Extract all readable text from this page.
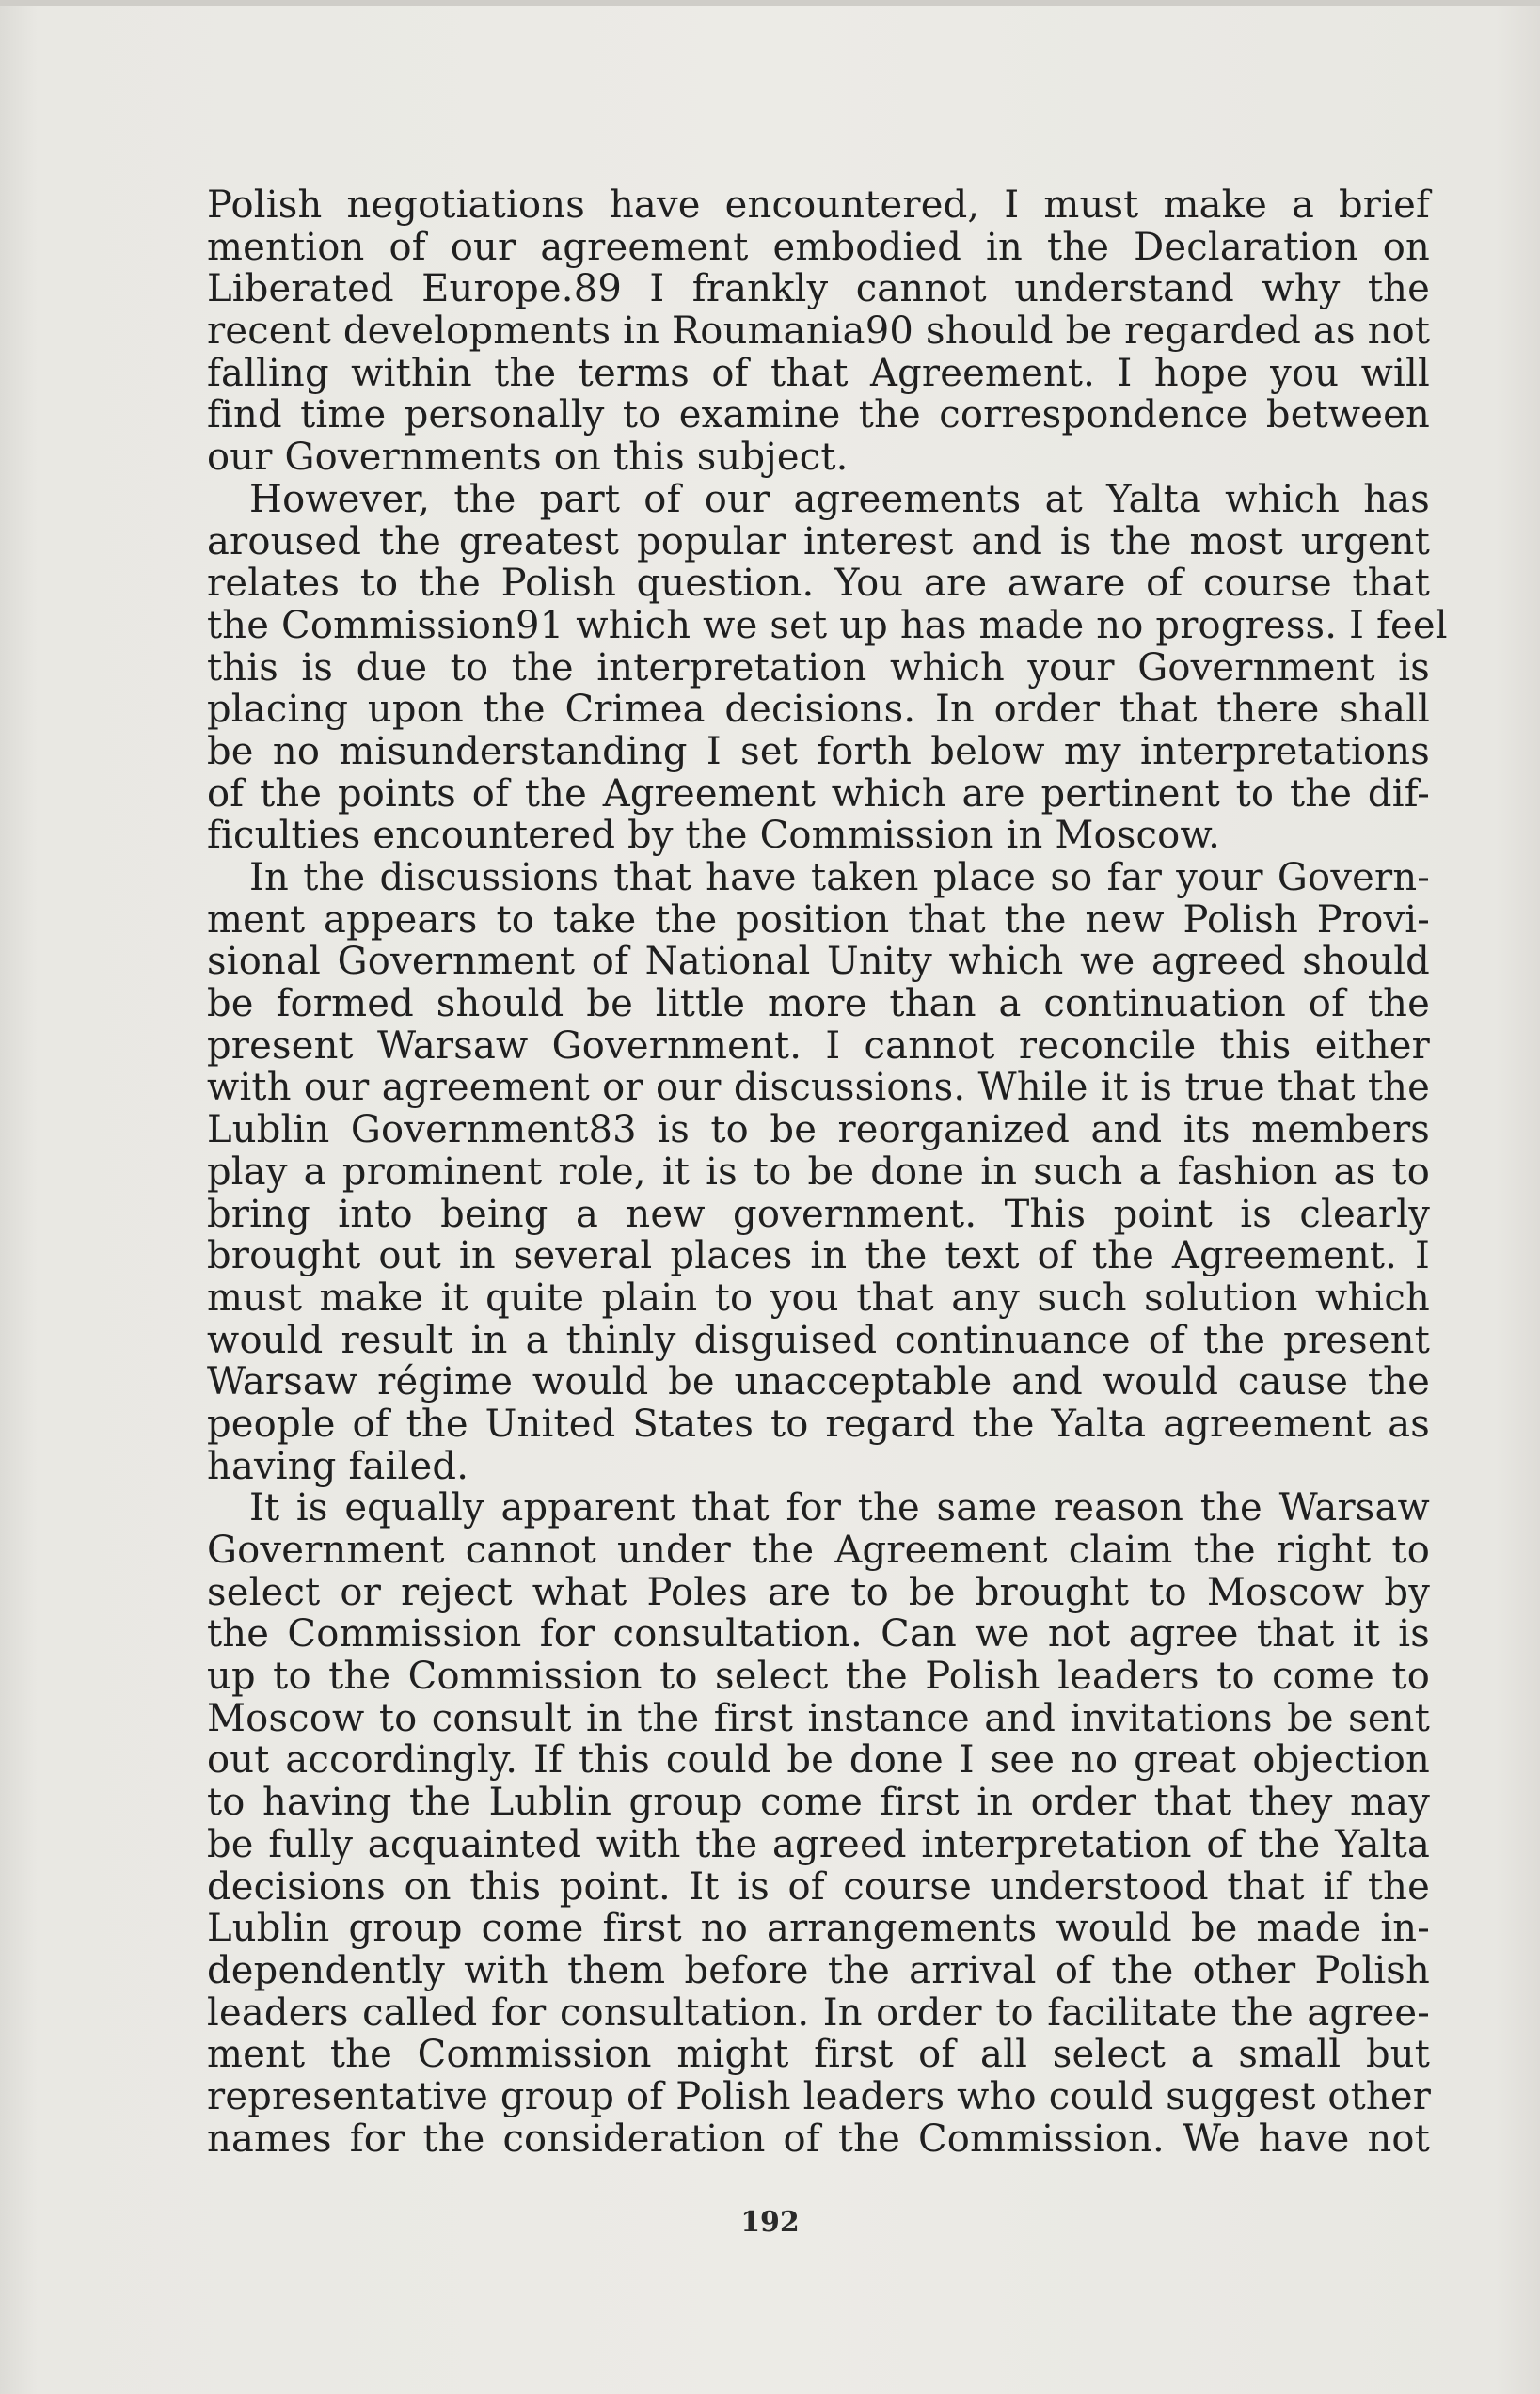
Polish negotiations have encountered, I must make a brief
mention of our agreement embodied in the Declaration on
Liberated Europe.89 I frankly cannot understand why the
recent developments in Roumania90 should be regarded as not
falling within the terms of that Agreement. I hope you will
find time personally to examine the correspondence between
our Governments on this subject.
However, the part of our agreements at Yalta which has
aroused the greatest popular interest and is the most urgent
relates to the Polish question. You are aware of course that
the Commission91 which we set up has made no progress. I feel
this is due to the interpretation which your Government is
placing upon the Crimea decisions. In order that there shall
be no misunderstanding I set forth below my interpretations
of the points of the Agreement which are pertinent to the dif-
ficulties encountered by the Commission in Moscow.
In the discussions that have taken place so far your Govern-
ment appears to take the position that the new Polish Provi-
sional Government of National Unity which we agreed should
be formed should be little more than a continuation of the
present Warsaw Government. I cannot reconcile this either
with our agreement or our discussions. While it is true that the
Lublin Government83 is to be reorganized and its members
play a prominent role, it is to be done in such a fashion as to
bring into being a new government. This point is clearly
brought out in several places in the text of the Agreement. I
must make it quite plain to you that any such solution which
would result in a thinly disguised continuance of the present
Warsaw régime would be unacceptable and would cause the
people of the United States to regard the Yalta agreement as
having failed.
It is equally apparent that for the same reason the Warsaw
Government cannot under the Agreement claim the right to
select or reject what Poles are to be brought to Moscow by
the Commission for consultation. Can we not agree that it is
up to the Commission to select the Polish leaders to come to
Moscow to consult in the first instance and invitations be sent
out accordingly. If this could be done I see no great objection
to having the Lublin group come first in order that they may
be fully acquainted with the agreed interpretation of the Yalta
decisions on this point. It is of course understood that if the
Lublin group come first no arrangements would be made in-
dependently with them before the arrival of the other Polish
leaders called for consultation. In order to facilitate the agree-
ment the Commission might first of all select a small but
representative group of Polish leaders who could suggest other
names for the consideration of the Commission. We have not
192
